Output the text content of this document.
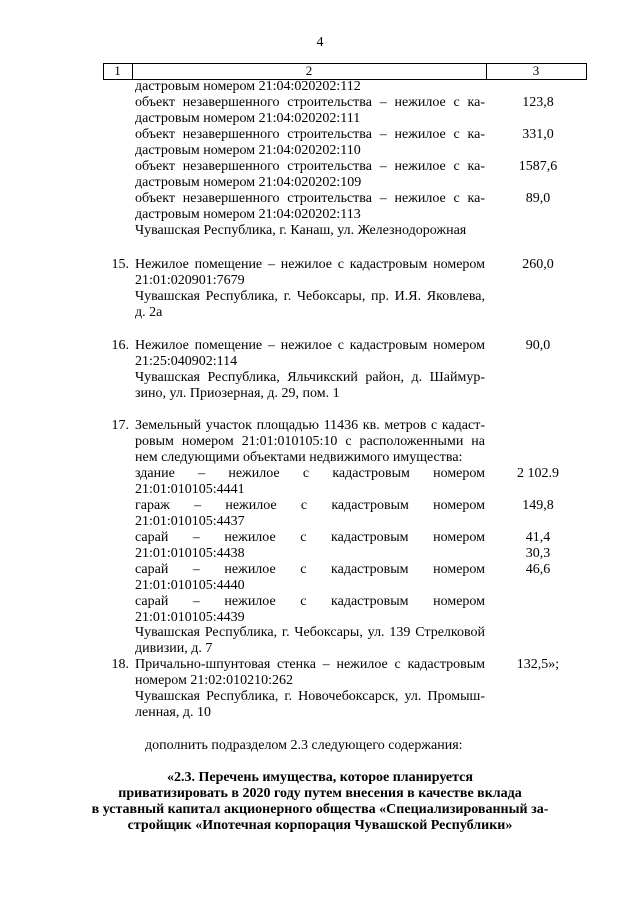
4
1	2	3
дастровым номером 21:04:020202:112
объект незавершенного строительства – нежилое с ка-
дастровым номером 21:04:020202:111
123,8
объект незавершенного строительства – нежилое с ка-
дастровым номером 21:04:020202:110
331,0
объект незавершенного строительства – нежилое с ка-
дастровым номером 21:04:020202:109
1587,6
объект незавершенного строительства – нежилое с ка-
дастровым номером 21:04:020202:113
89,0
Чувашская Республика, г. Канаш, ул. Железнодорожная
15. Нежилое помещение – нежилое с кадастровым номером
21:01:020901:7679
Чувашская Республика, г. Чебоксары, пр. И.Я. Яковлева,
д. 2а
260,0
16. Нежилое помещение – нежилое с кадастровым номером
21:25:040902:114
Чувашская Республика, Яльчикский район, д. Шаймур-
зино, ул. Приозерная, д. 29, пом. 1
90,0
17. Земельный участок площадью 11436 кв. метров с кадаст-
ровым номером 21:01:010105:10 с расположенными на
нем следующими объектами недвижимого имущества:
здание – нежилое с кадастровым номером
21:01:010105:4441
2 102.9
гараж – нежилое с кадастровым номером
21:01:010105:4437
149,8
сарай – нежилое с кадастровым номером
21:01:010105:4438
41,4
сарай – нежилое с кадастровым номером
21:01:010105:4440
30,3
сарай – нежилое с кадастровым номером
21:01:010105:4439
46,6
Чувашская Республика, г. Чебоксары, ул. 139 Стрелковой
дивизии, д. 7
18. Причально-шпунтовая стенка – нежилое с кадастровым
номером 21:02:010210:262
Чувашская Республика, г. Новочебоксарск, ул. Промыш-
ленная, д. 10
132,5»;
дополнить подразделом 2.3 следующего содержания:
«2.3. Перечень имущества, которое планируется
приватизировать в 2020 году путем внесения в качестве вклада
в уставный капитал акционерного общества «Специализированный за-
стройщик «Ипотечная корпорация Чувашской Республики»
